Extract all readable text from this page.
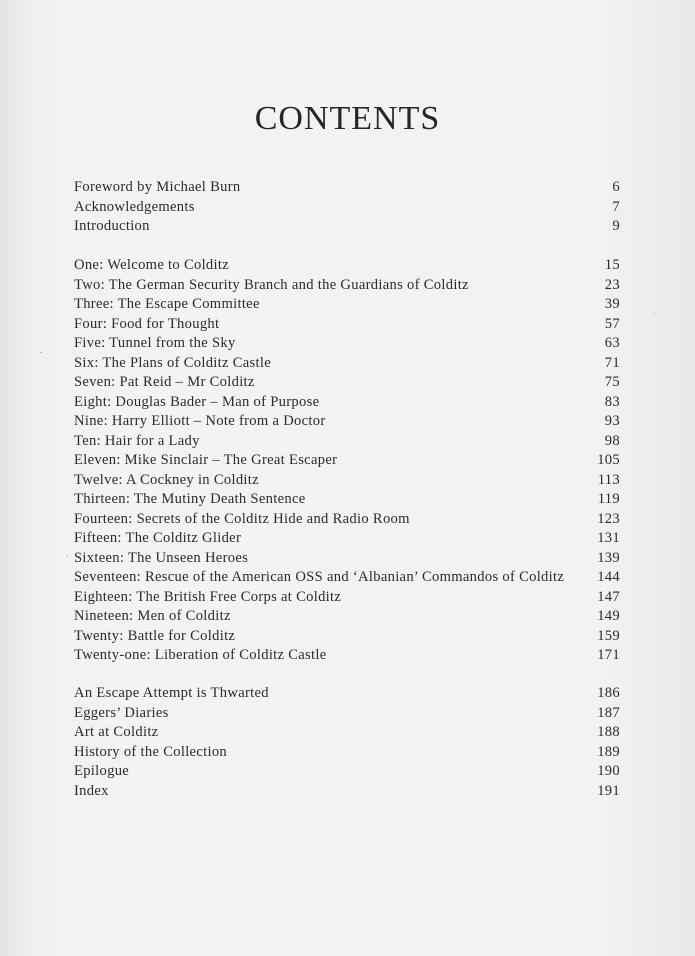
CONTENTS
Foreword by Michael Burn	6
Acknowledgements	7
Introduction	9
One: Welcome to Colditz	15
Two: The German Security Branch and the Guardians of Colditz	23
Three: The Escape Committee	39
Four: Food for Thought	57
Five: Tunnel from the Sky	63
Six: The Plans of Colditz Castle	71
Seven: Pat Reid – Mr Colditz	75
Eight: Douglas Bader – Man of Purpose	83
Nine: Harry Elliott – Note from a Doctor	93
Ten: Hair for a Lady	98
Eleven: Mike Sinclair – The Great Escaper	105
Twelve: A Cockney in Colditz	113
Thirteen: The Mutiny Death Sentence	119
Fourteen: Secrets of the Colditz Hide and Radio Room	123
Fifteen: The Colditz Glider	131
Sixteen: The Unseen Heroes	139
Seventeen: Rescue of the American OSS and ‘Albanian’ Commandos of Colditz	144
Eighteen: The British Free Corps at Colditz	147
Nineteen: Men of Colditz	149
Twenty: Battle for Colditz	159
Twenty-one: Liberation of Colditz Castle	171
An Escape Attempt is Thwarted	186
Eggers’ Diaries	187
Art at Colditz	188
History of the Collection	189
Epilogue	190
Index	191
